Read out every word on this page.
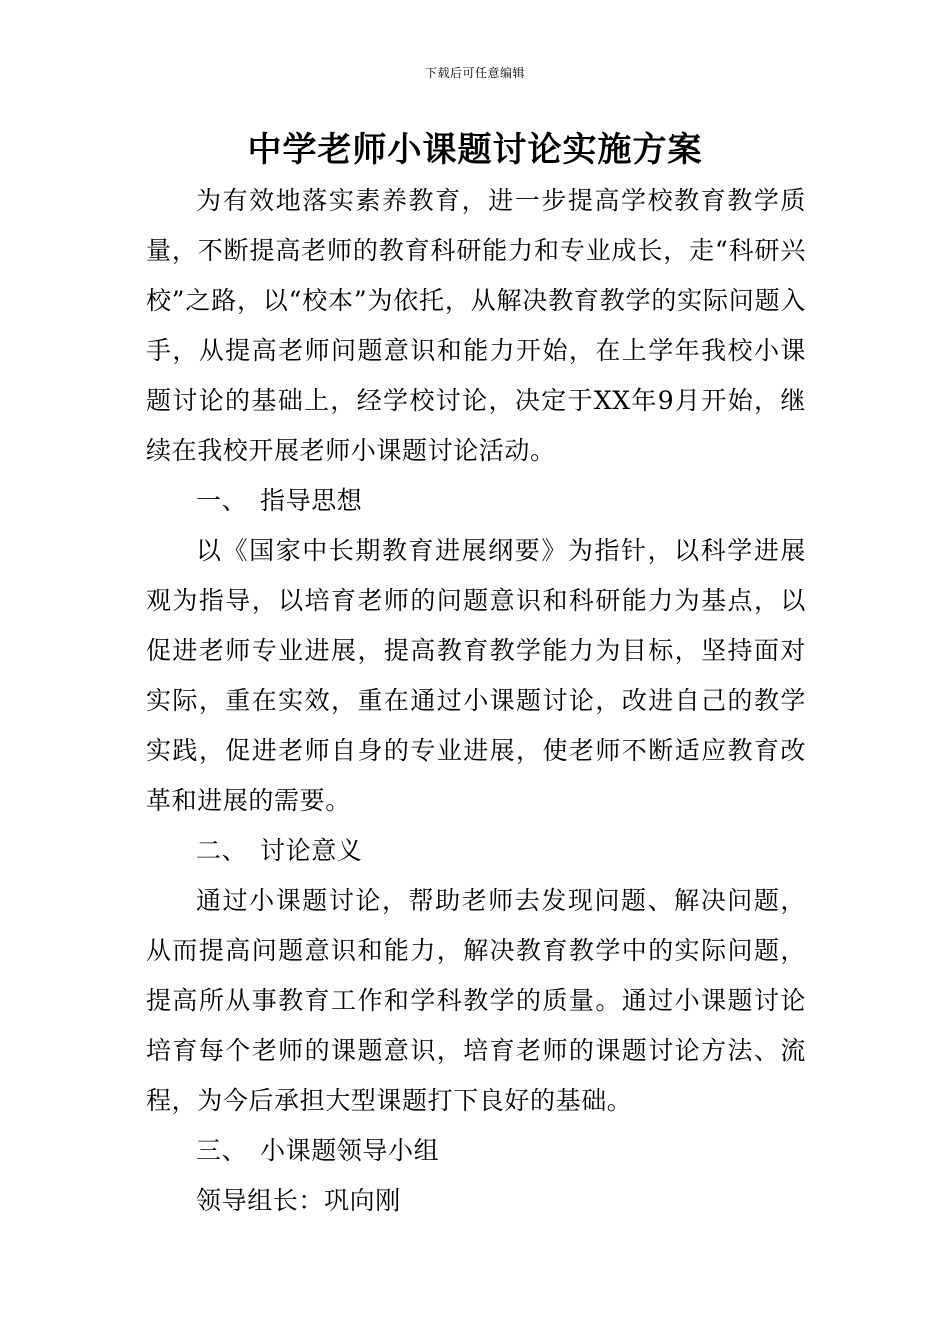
下载后可任意编辑
中学老师小课题讨论实施方案

为有效地落实素养教育，进一步提高学校教育教学质量，不断提高老师的教育科研能力和专业成长，走“科研兴校”之路，以“校本”为依托，从解决教育教学的实际问题入手，从提高老师问题意识和能力开始，在上学年我校小课题讨论的基础上，经学校讨论，决定于XX年9月开始，继续在我校开展老师小课题讨论活动。

一、 指导思想

以《国家中长期教育进展纲要》为指针，以科学进展观为指导，以培育老师的问题意识和科研能力为基点，以促进老师专业进展，提高教育教学能力为目标，坚持面对实际，重在实效，重在通过小课题讨论，改进自己的教学实践，促进老师自身的专业进展，使老师不断适应教育改革和进展的需要。

二、 讨论意义

通过小课题讨论，帮助老师去发现问题、解决问题，从而提高问题意识和能力，解决教育教学中的实际问题，提高所从事教育工作和学科教学的质量。通过小课题讨论培育每个老师的课题意识，培育老师的课题讨论方法、流程，为今后承担大型课题打下良好的基础。

三、 小课题领导小组

领导组长：巩向刚
